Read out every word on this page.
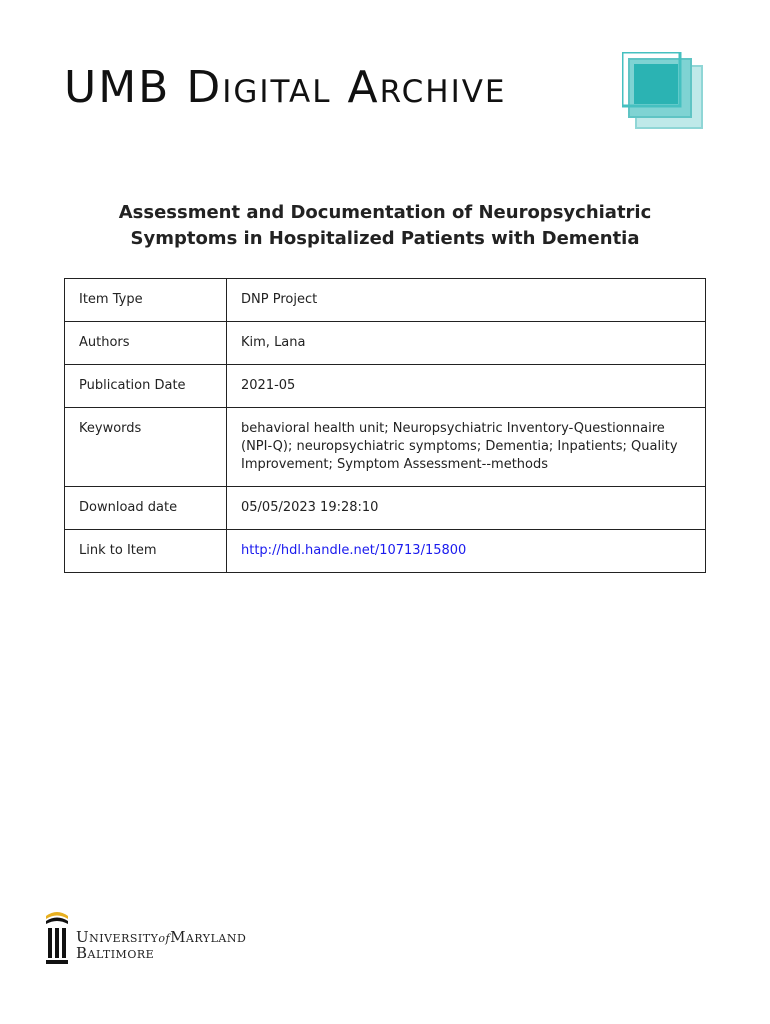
UMB Digital Archive
Assessment and Documentation of Neuropsychiatric Symptoms in Hospitalized Patients with Dementia
Item Type	DNP Project
Authors	Kim, Lana
Publication Date	2021-05
Keywords	behavioral health unit; Neuropsychiatric Inventory-Questionnaire (NPI-Q); neuropsychiatric symptoms; Dementia; Inpatients; Quality Improvement; Symptom Assessment--methods
Download date	05/05/2023 19:28:10
Link to Item	http://hdl.handle.net/10713/15800
UniversityofMaryland
Baltimore
